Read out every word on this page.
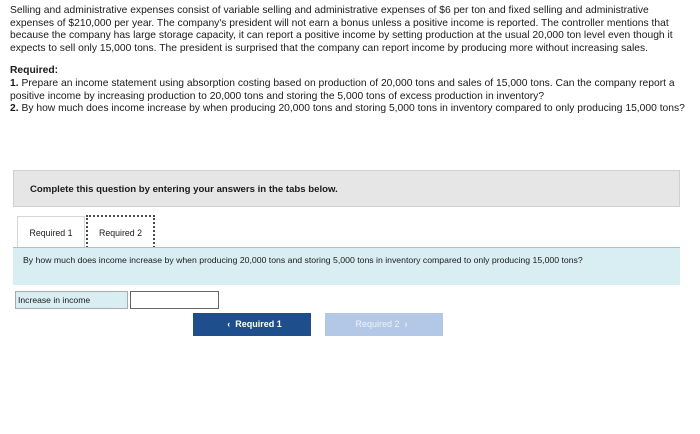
Selling and administrative expenses consist of variable selling and administrative expenses of $6 per ton and fixed selling and administrative expenses of $210,000 per year. The company's president will not earn a bonus unless a positive income is reported. The controller mentions that because the company has large storage capacity, it can report a positive income by setting production at the usual 20,000 ton level even though it expects to sell only 15,000 tons. The president is surprised that the company can report income by producing more without increasing sales.

Required:

1. Prepare an income statement using absorption costing based on production of 20,000 tons and sales of 15,000 tons. Can the company report a positive income by increasing production to 20,000 tons and storing the 5,000 tons of excess production in inventory?

2. By how much does income increase by when producing 20,000 tons and storing 5,000 tons in inventory compared to only producing 15,000 tons?

Complete this question by entering your answers in the tabs below.
Required 1	Required 2
By how much does income increase by when producing 20,000 tons and storing 5,000 tons in inventory compared to only producing 15,000 tons?
Increase in income
‹ Required 1	Required 2 ›
